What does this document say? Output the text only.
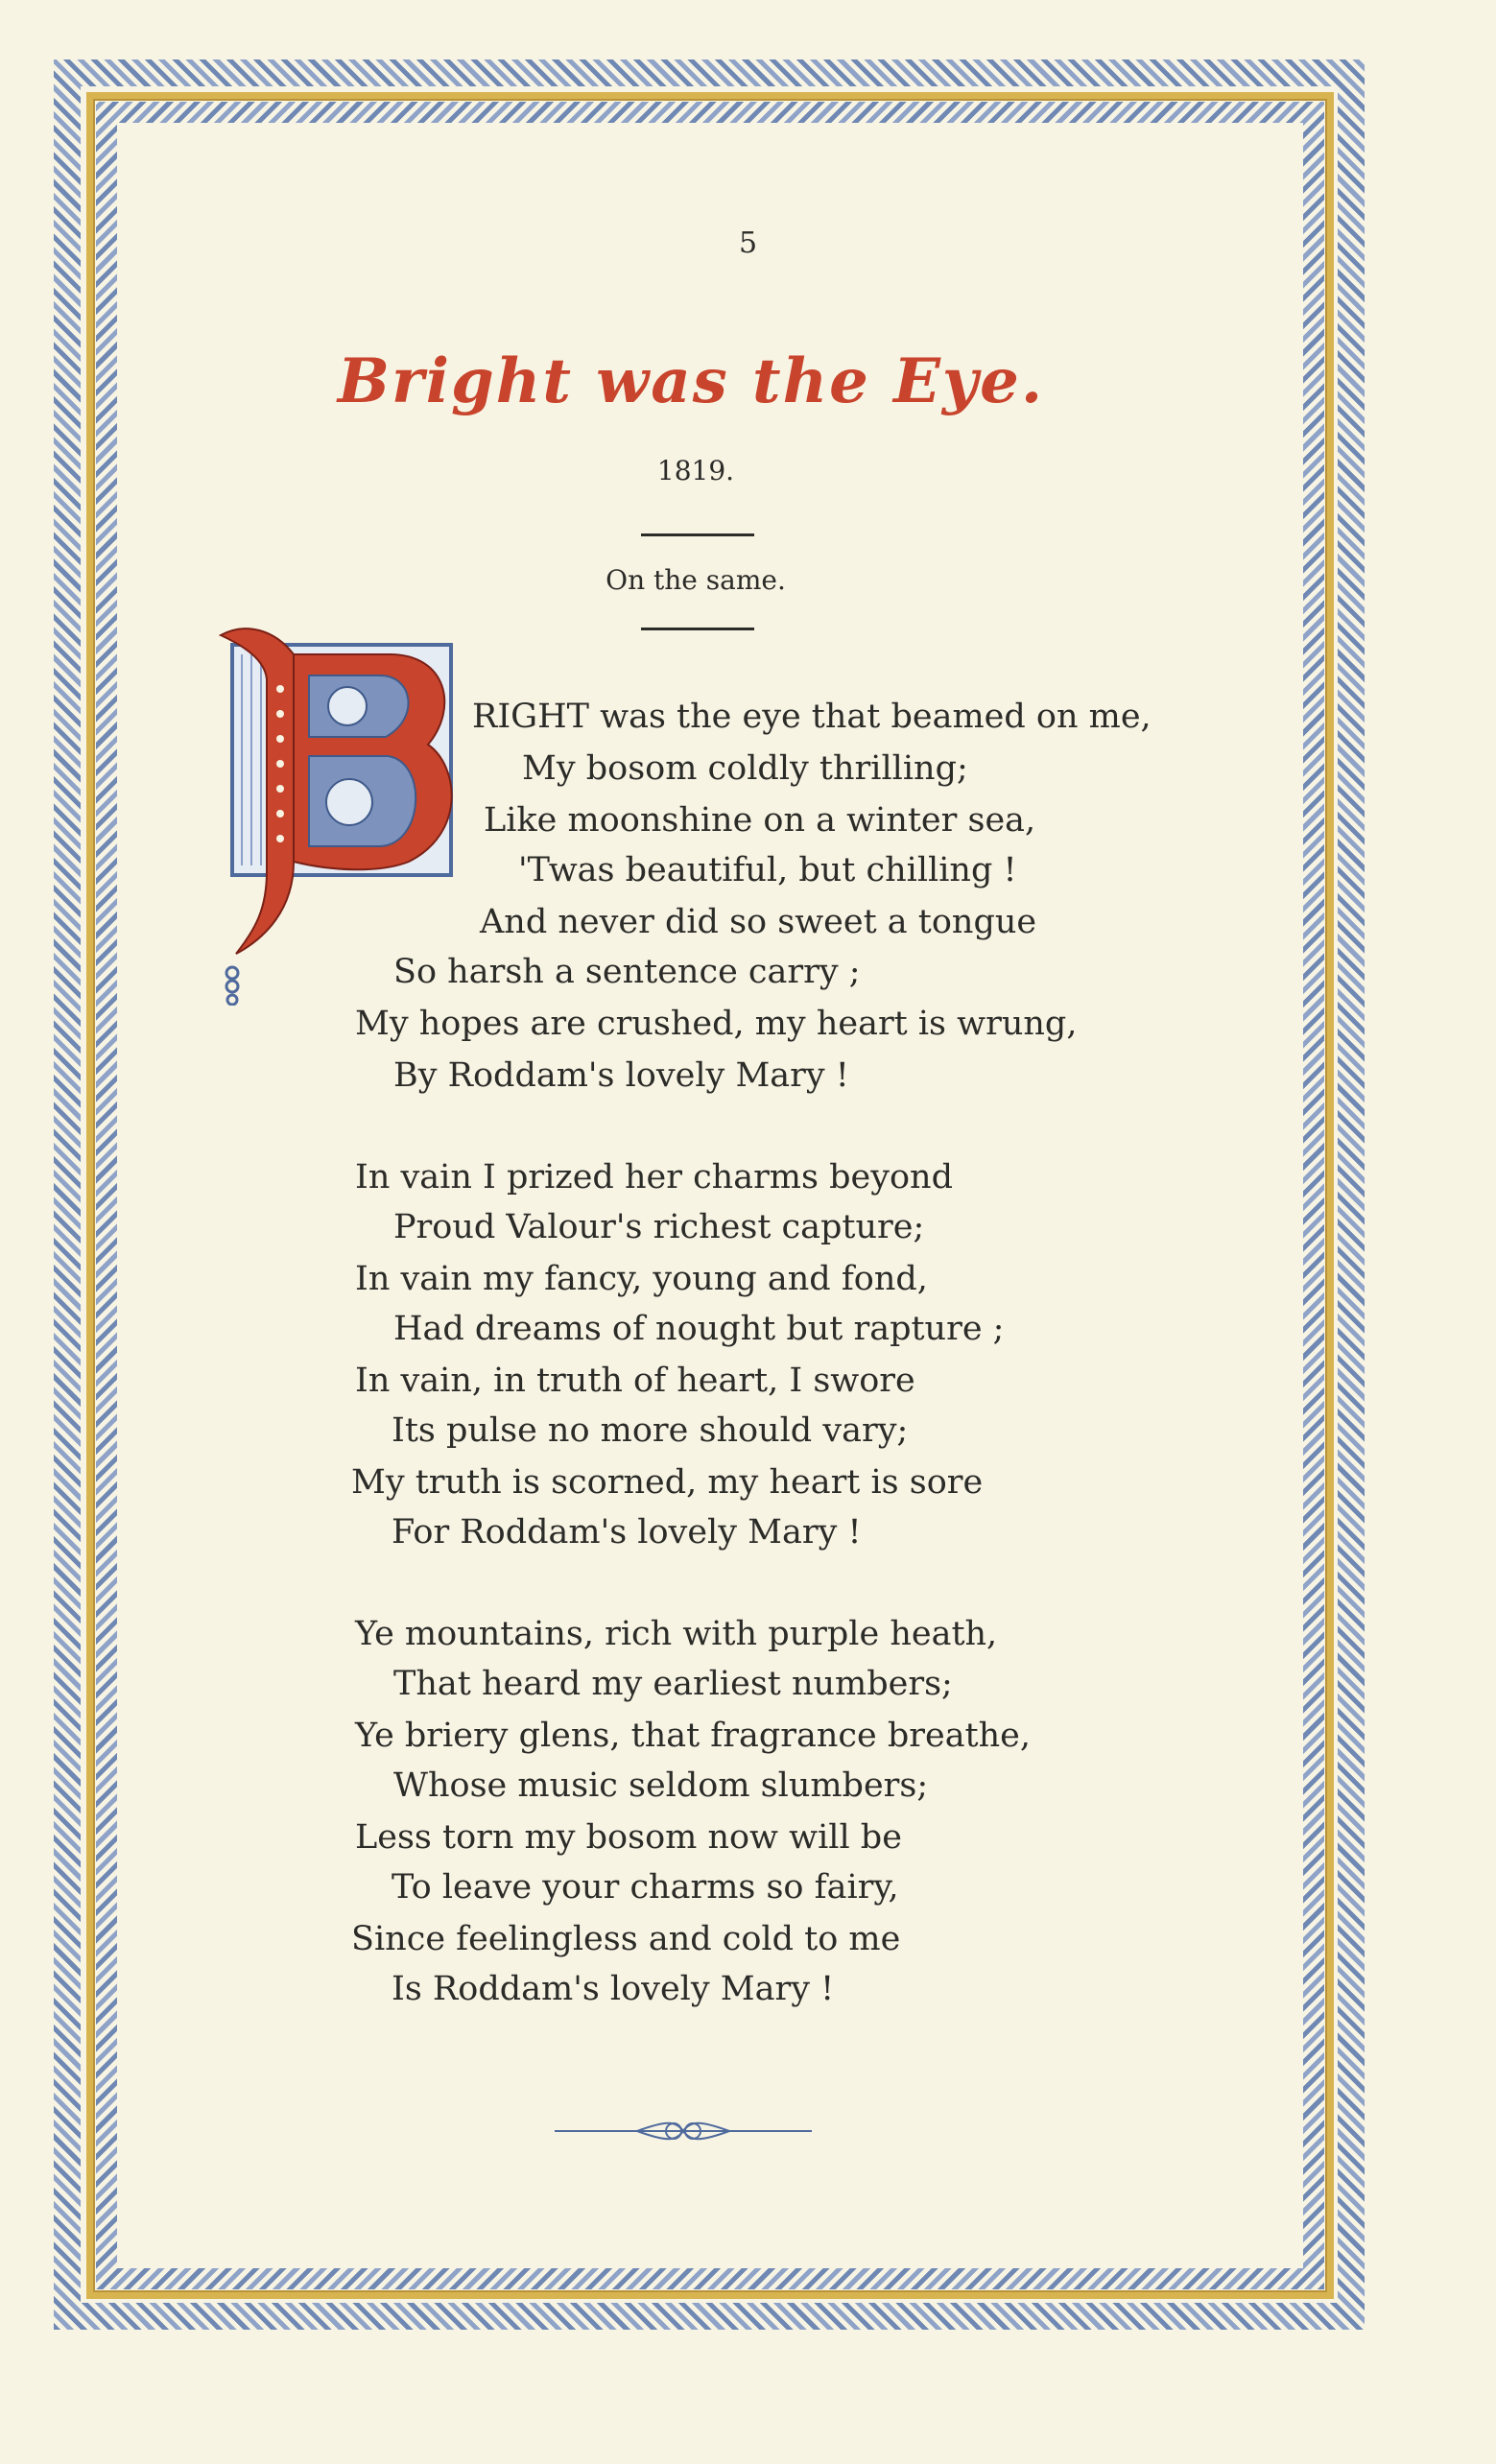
5
Bright was the Eye.
1819.
On the same.
RIGHT was the eye that beamed on me,
My bosom coldly thrilling;
Like moonshine on a winter sea,
'Twas beautiful, but chilling !
And never did so sweet a tongue
So harsh a sentence carry ;
My hopes are crushed, my heart is wrung,
By Roddam's lovely Mary !
In vain I prized her charms beyond
Proud Valour's richest capture;
In vain my fancy, young and fond,
Had dreams of nought but rapture ;
In vain, in truth of heart, I swore
Its pulse no more should vary;
My truth is scorned, my heart is sore
For Roddam's lovely Mary !
Ye mountains, rich with purple heath,
That heard my earliest numbers;
Ye briery glens, that fragrance breathe,
Whose music seldom slumbers;
Less torn my bosom now will be
To leave your charms so fairy,
Since feelingless and cold to me
Is Roddam's lovely Mary !
